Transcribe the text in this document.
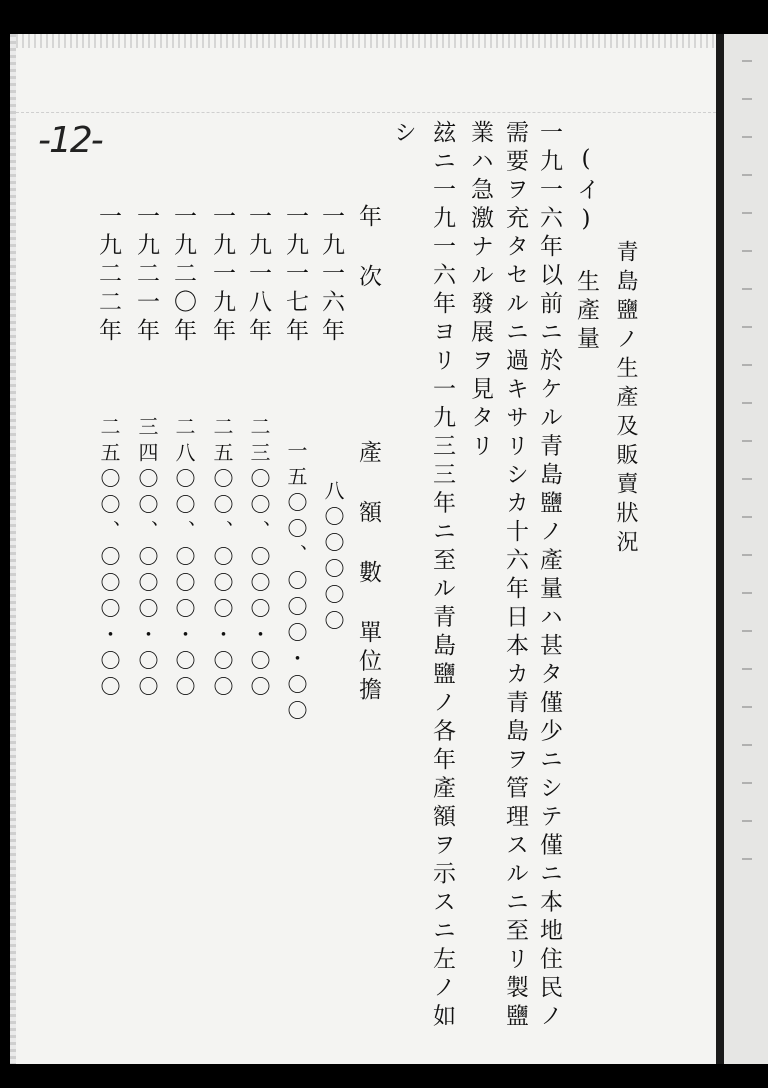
-12-
青島鹽ノ生產及販賣狀況
(イ) 生產量
一九一六年以前ニ於ケル青島鹽ノ產量ハ甚タ僅少ニシテ僅ニ本地住民ノ
需要ヲ充タセルニ過キサリシカ十六年日本カ青島ヲ管理スルニ至リ製鹽
業ハ急激ナル發展ヲ見タリ
玆ニ一九一六年ヨリ一九三三年ニ至ル青島鹽ノ各年產額ヲ示スニ左ノ如
シ
年 次
產 額 數 單位擔
一九一六年
一九一七年
一九一八年
一九一九年
一九二〇年
一九二一年
一九二二年
八〇〇〇〇〇
一五〇〇、〇〇〇・〇〇
二三〇〇、〇〇〇・〇〇
二五〇〇、〇〇〇・〇〇
二八〇〇、〇〇〇・〇〇
三四〇〇、〇〇〇・〇〇
二五〇〇、〇〇〇・〇〇
